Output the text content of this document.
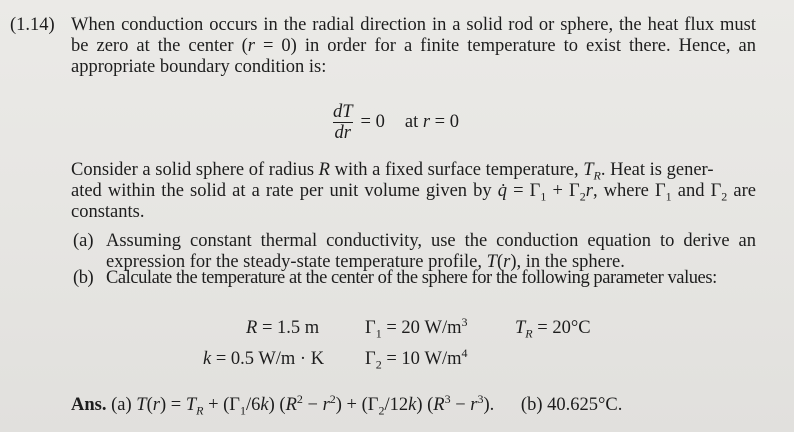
(1.14) When conduction occurs in the radial direction in a solid rod or sphere, the heat flux must be zero at the center (r = 0) in order for a finite temperature to exist there. Hence, an appropriate boundary condition is:
$\frac{dT}{dr} = 0$ at r = 0
Consider a solid sphere of radius R with a fixed surface temperature, $T_R$. Heat is gener-
ated within the solid at a rate per unit volume given by q̇ = $\Gamma_1 + \Gamma_2r$, where $\Gamma_1$ and $\Gamma_2$ are constants.
(a) Assuming constant thermal conductivity, use the conduction equation to derive an expression for the steady-state temperature profile, T(r), in the sphere.
(b) Calculate the temperature at the center of the sphere for the following parameter values:
R = 1.5 m $\Gamma_1 = 20$ $W/m^3$	$T_R = 20^\circ C$
k = 0.5 W/m · K $\Gamma_2 = 10$ $W/m^4$
Ans. (a) $T(r) = T_R + (\Gamma_1/6k) (R^2 - r^2) + (\Gamma_2/12k) (R^3 - r^3)$. (b) 40.625°C.
